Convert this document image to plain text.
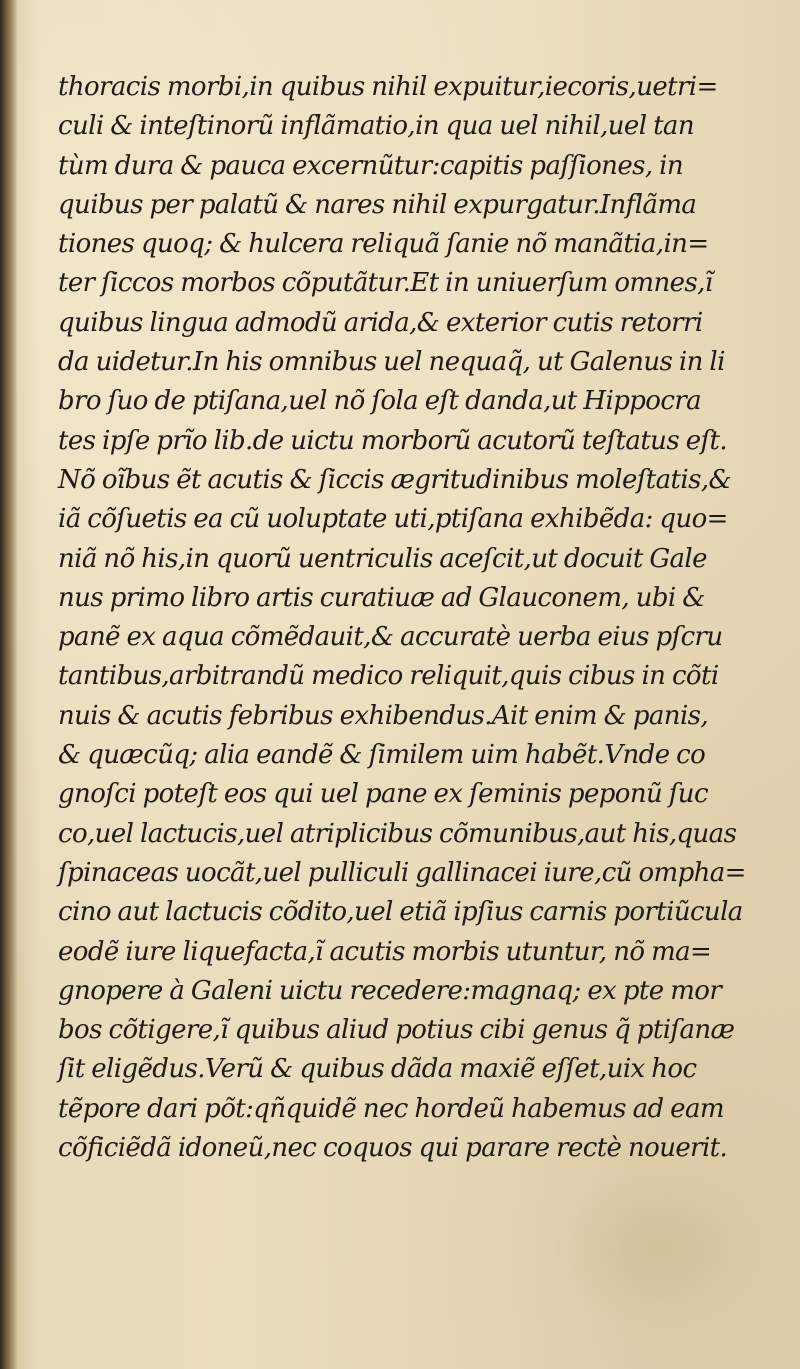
thoracis morbi,in quibus nihil expuitur,iecoris,uetri=
culi & inteſtinorũ inflãmatio,in qua uel nihil,uel tan
tùm dura & pauca excernũtur:capitis paſſiones, in
quibus per palatũ & nares nihil expurgatur.Inflãma
tiones quoq; & hulcera reliquã ſanie nõ manãtia,in=
ter ſiccos morbos cõputãtur.Et in uniuerſum omnes,ĩ
quibus lingua admodũ arida,& exterior cutis retorri
da uidetur.In his omnibus uel nequaq̃, ut Galenus in li
bro ſuo de ptiſana,uel nõ ſola eſt danda,ut Hippocra
tes ipſe prĩo lib.de uictu morborũ acutorũ teſtatus eſt.
Nõ oĩbus ẽt acutis & ſiccis ægritudinibus moleſtatis,&
iã cõſuetis ea cũ uoluptate uti,ptiſana exhibẽda: quo=
niã nõ his,in quorũ uentriculis aceſcit,ut docuit Gale
nus primo libro artis curatiuæ ad Glauconem, ubi &
panẽ ex aqua cõmẽdauit,& accuratè uerba eius pſcru
tantibus,arbitrandũ medico reliquit,quis cibus in cõti
nuis & acutis febribus exhibendus.Ait enim & panis,
& quæcũq; alia eandẽ & ſimilem uim habẽt.Vnde co
gnoſci poteſt eos qui uel pane ex ſeminis peponũ ſuc
co,uel lactucis,uel atriplicibus cõmunibus,aut his,quas
ſpinaceas uocãt,uel pulliculi gallinacei iure,cũ ompha=
cino aut lactucis cõdito,uel etiã ipſius carnis portiũcula
eodẽ iure liquefacta,ĩ acutis morbis utuntur, nõ ma=
gnopere à Galeni uictu recedere:magnaq; ex pte mor
bos cõtigere,ĩ quibus aliud potius cibi genus q̃ ptiſanæ
ſit eligẽdus.Verũ & quibus dãda maxiẽ eſſet,uix hoc
tẽpore dari põt:qñquidẽ nec hordeũ habemus ad eam
cõficiẽdã idoneũ,nec coquos qui parare rectè nouerit.
